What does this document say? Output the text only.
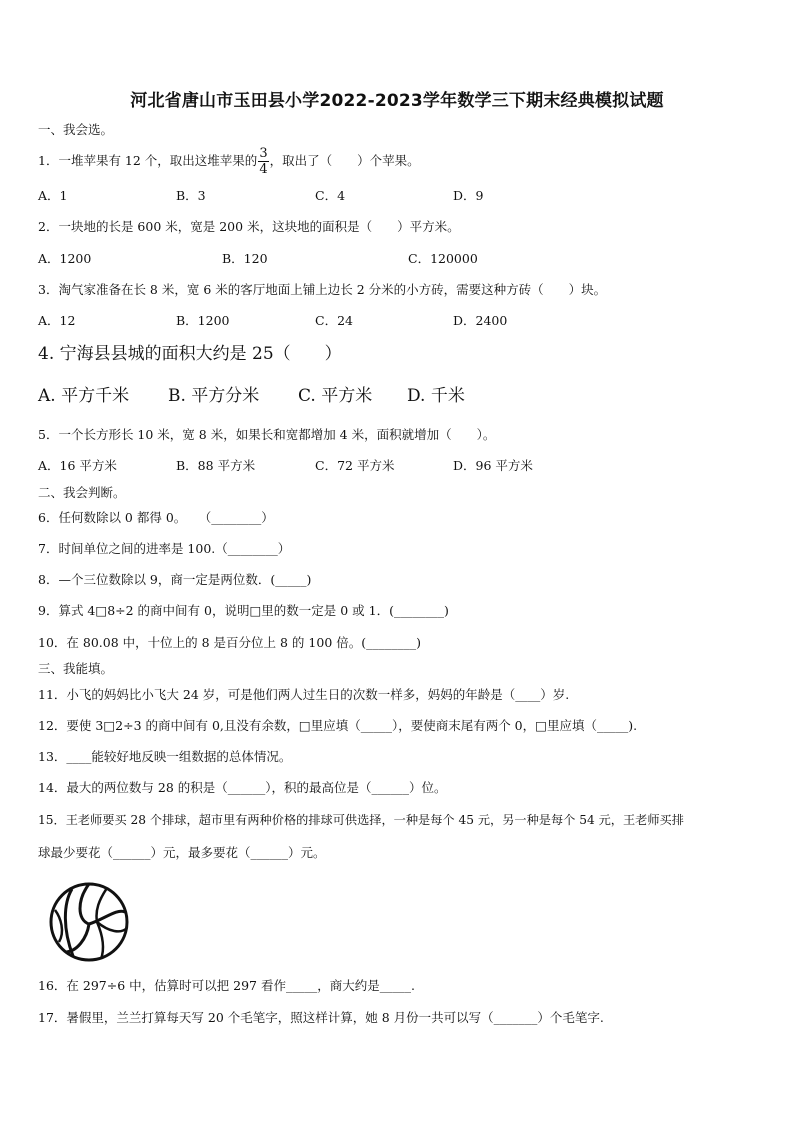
河北省唐山市玉田县小学2022-2023学年数学三下期末经典模拟试题
一、我会选。
1．一堆苹果有 12 个，取出这堆苹果的 $\frac{3}{4}$ ，取出了（　　）个苹果。
A．1	B．3	C．4	D．9
2．一块地的长是 600 米，宽是 200 米，这块地的面积是（　　）平方米。
A．1200	B．120	C．120000
3．淘气家准备在长 8 米，宽 6 米的客厅地面上铺上边长 2 分米的小方砖，需要这种方砖（　　）块。
A．12	B．1200	C．24	D．2400
4. 宁海县县城的面积大约是 25（　　）
A. 平方千米 B. 平方分米 C. 平方米 D. 千米
5．一个长方形长 10 米，宽 8 米，如果长和宽都增加 4 米，面积就增加（　　）。
A．16 平方米	B．88 平方米	C．72 平方米	D．96 平方米
二、我会判断。
6．任何数除以 0 都得 0。　　（________）
7．时间单位之间的进率是 100.（________）
8．—个三位数除以 9，商一定是两位数．(_____)
9．算式 4□8÷2 的商中间有 0，说明□里的数一定是 0 或 1．(________)
10．在 80.08 中，十位上的 8 是百分位上 8 的 100 倍。(________)
三、我能填。
11．小飞的妈妈比小飞大 24 岁，可是他们两人过生日的次数一样多，妈妈的年龄是（____）岁.
12．要使 3□2÷3 的商中间有 0,且没有余数，□里应填（_____），要使商末尾有两个 0，□里应填（_____).
13．____能较好地反映一组数据的总体情况。
14．最大的两位数与 28 的积是（______），积的最高位是（______）位。
15．王老师要买 28 个排球，超市里有两种价格的排球可供选择，一种是每个 45 元，另一种是每个 54 元，王老师买排
球最少要花（______）元，最多要花（______）元。
16．在 297÷6 中，估算时可以把 297 看作_____，商大约是_____.
17．暑假里，兰兰打算每天写 20 个毛笔字，照这样计算，她 8 月份一共可以写（_______）个毛笔字.
